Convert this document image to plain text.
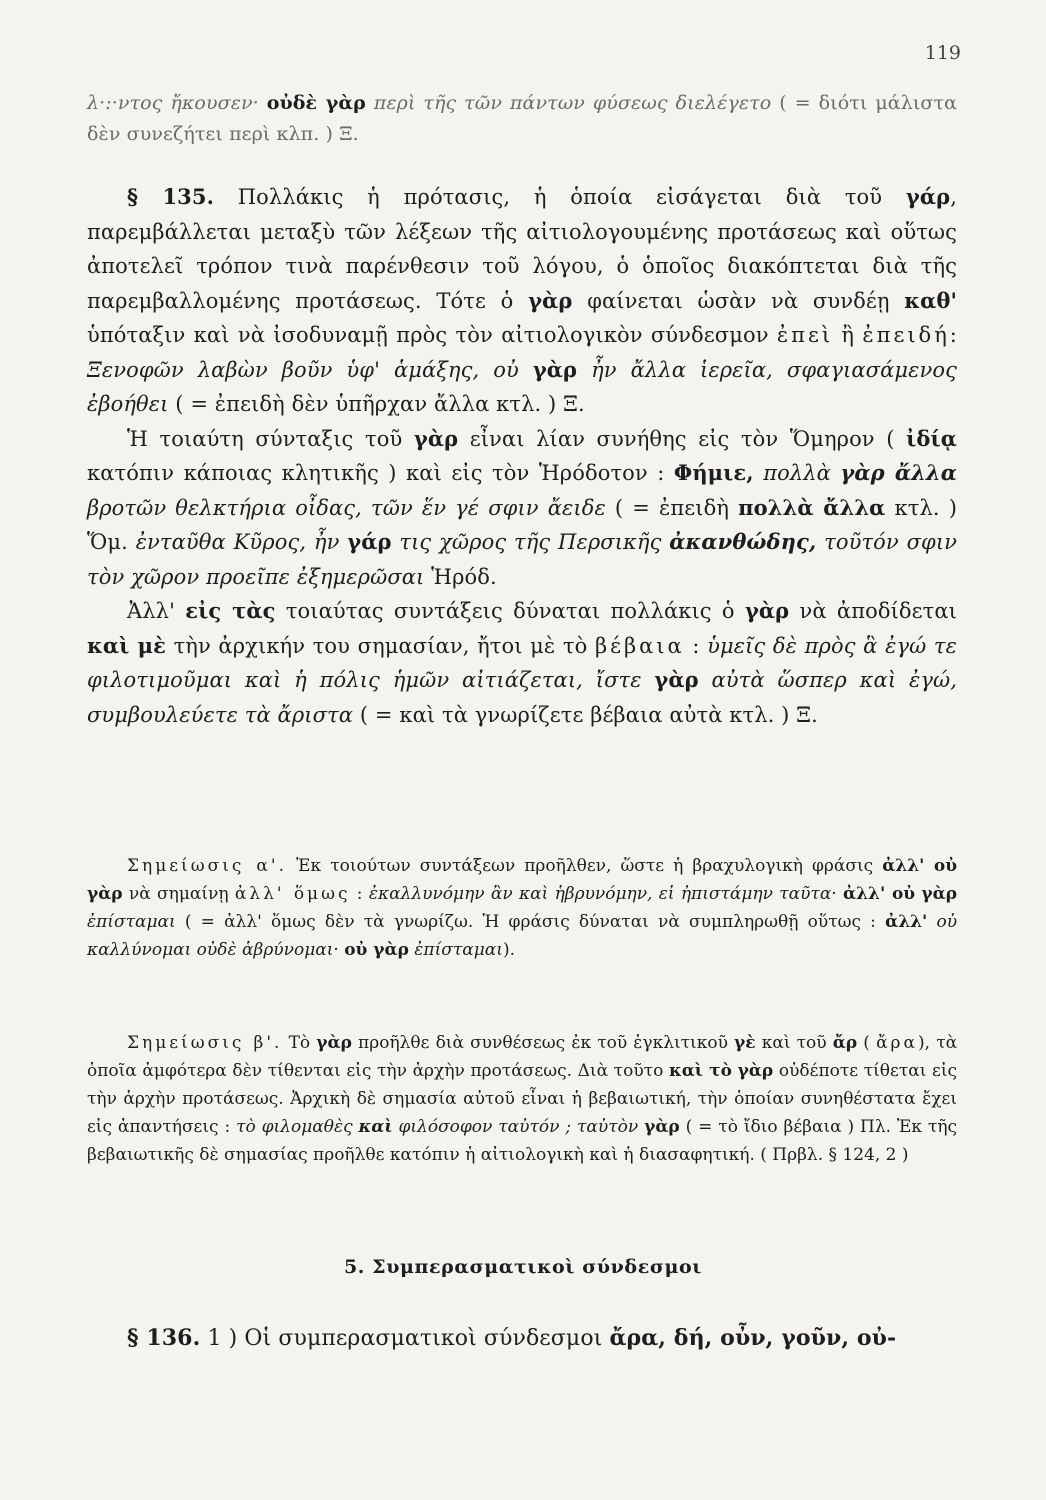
119

λ·:·ντος ἤκουσεν· οὐδὲ γὰρ περὶ τῆς τῶν πάντων φύσεως διελέγετο ( = διότι μάλιστα δὲν συνεζήτει περὶ κλπ. ) Ξ.

§ 135. Πολλάκις ἡ πρότασις, ἡ ὁποία εἰσάγεται διὰ τοῦ γάρ, παρεμβάλλεται μεταξὺ τῶν λέξεων τῆς αἰτιολογουμένης προτάσεως καὶ οὕτως ἀποτελεῖ τρόπον τινὰ παρένθεσιν τοῦ λόγου, ὁ ὁποῖος διακόπτεται διὰ τῆς παρεμβαλλομένης προτάσεως. Τότε ὁ γὰρ φαίνεται ὡσὰν νὰ συνδέῃ καθ' ὑπόταξιν καὶ νὰ ἰσοδυναμῇ πρὸς τὸν αἰτιολογικὸν σύνδεσμον ἐπεὶ ἢ ἐπειδή: Ξενοφῶν λαβὼν βοῦν ὑφ' ἁμάξης, οὐ γὰρ ἦν ἄλλα ἱερεῖα, σφαγιασάμενος ἐβοήθει ( = ἐπειδὴ δὲν ὑπῆρχαν ἄλλα κτλ. ) Ξ.

Ἡ τοιαύτη σύνταξις τοῦ γὰρ εἶναι λίαν συνήθης εἰς τὸν Ὅμηρον ( ἰδίᾳ κατόπιν κάποιας κλητικῆς ) καὶ εἰς τὸν Ἡρόδοτον : Φήμιε, πολλὰ γὰρ ἄλλα βροτῶν θελκτήρια οἶδας, τῶν ἕν γέ σφιν ἄειδε ( = ἐπειδὴ πολλὰ ἄλλα κτλ. ) Ὅμ. ἐνταῦθα Κῦρος, ἦν γάρ τις χῶρος τῆς Περσικῆς ἀκανθώδης, τοῦτόν σφιν τὸν χῶρον προεῖπε ἐξημερῶσαι Ἡρόδ.

Ἀλλ' εἰς τὰς τοιαύτας συντάξεις δύναται πολλάκις ὁ γὰρ νὰ ἀποδίδεται καὶ μὲ τὴν ἀρχικήν του σημασίαν, ἤτοι μὲ τὸ βέβαια : ὑμεῖς δὲ πρὸς ἃ ἐγώ τε φιλοτιμοῦμαι καὶ ἡ πόλις ἡμῶν αἰτιάζεται, ἴστε γὰρ αὐτὰ ὥσπερ καὶ ἐγώ, συμβουλεύετε τὰ ἄριστα ( = καὶ τὰ γνωρίζετε βέβαια αὐτὰ κτλ. ) Ξ.

Σημείωσις α'. Ἐκ τοιούτων συντάξεων προῆλθεν, ὥστε ἡ βραχυλογικὴ φράσις ἀλλ' οὐ γὰρ νὰ σημαίνῃ ἀλλ' ὅμως : ἐκαλλυνόμην ἂν καὶ ἡβρυνόμην, εἰ ἠπιστάμην ταῦτα· ἀλλ' οὐ γὰρ ἐπίσταμαι ( = ἀλλ' ὅμως δὲν τὰ γνωρίζω. Ἡ φράσις δύναται νὰ συμπληρωθῇ οὕτως : ἀλλ' οὐ καλλύνομαι οὐδὲ ἁβρύνομαι· οὐ γὰρ ἐπίσταμαι).

Σημείωσις β'. Τὸ γὰρ προῆλθε διὰ συνθέσεως ἐκ τοῦ ἐγκλιτικοῦ γὲ καὶ τοῦ ἄρ ( ἄρα), τὰ ὁποῖα ἀμφότερα δὲν τίθενται εἰς τὴν ἀρχὴν προτάσεως. Διὰ τοῦτο καὶ τὸ γὰρ οὐδέποτε τίθεται εἰς τὴν ἀρχὴν προτάσεως. Ἀρχικὴ δὲ σημασία αὐτοῦ εἶναι ἡ βεβαιωτική, τὴν ὁποίαν συνηθέστατα ἔχει εἰς ἀπαντήσεις : τὸ φιλομαθὲς καὶ φιλόσοφον ταὐτόν ; ταὐτὸν γὰρ ( = τὸ ἴδιο βέβαια ) Πλ. Ἐκ τῆς βεβαιωτικῆς δὲ σημασίας προῆλθε κατόπιν ἡ αἰτιολογικὴ καὶ ἡ διασαφητική. ( Πρβλ. § 124, 2 )

5. Συμπερασματικοὶ σύνδεσμοι

§ 136. 1 ) Οἱ συμπερασματικοὶ σύνδεσμοι ἄρα, δή, οὖν, γοῦν, οὐ-
